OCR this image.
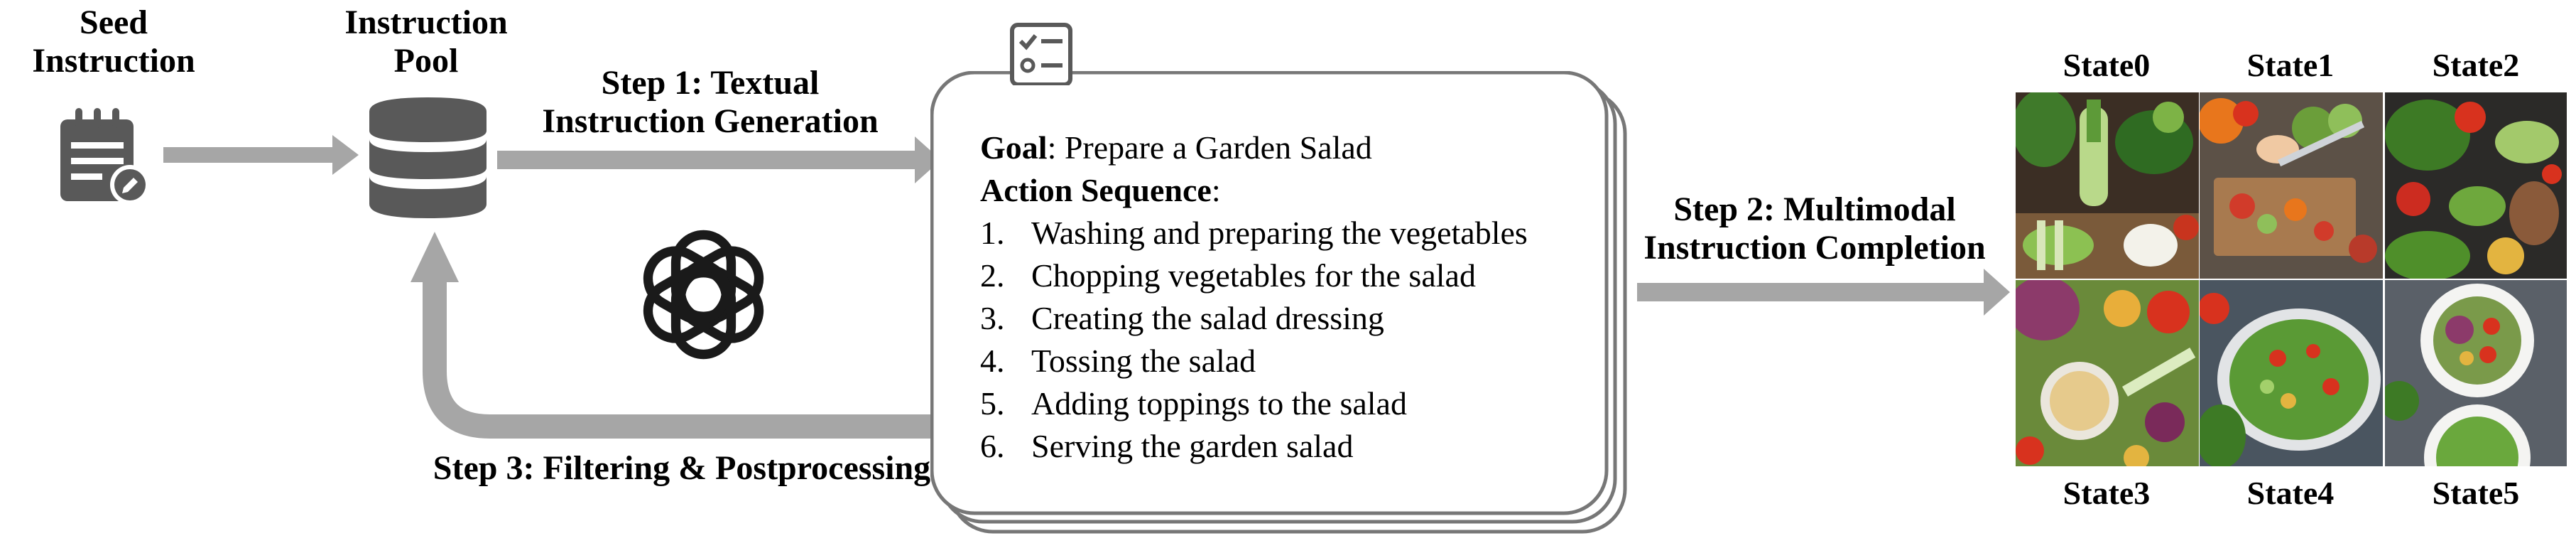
Goal: Prepare a Garden Salad
Action Sequence:
1. Washing and preparing the vegetables
2. Chopping vegetables for the salad
3. Creating the salad dressing
4. Tossing the salad
5. Adding toppings to the salad
6. Serving the garden salad
Seed
Instruction
Instruction
Pool
Step 1: Textual
Instruction Generation
Step 2: Multimodal
Instruction Completion
Step 3: Filtering & Postprocessing
State0	State1	State2
State3	State4	State5
